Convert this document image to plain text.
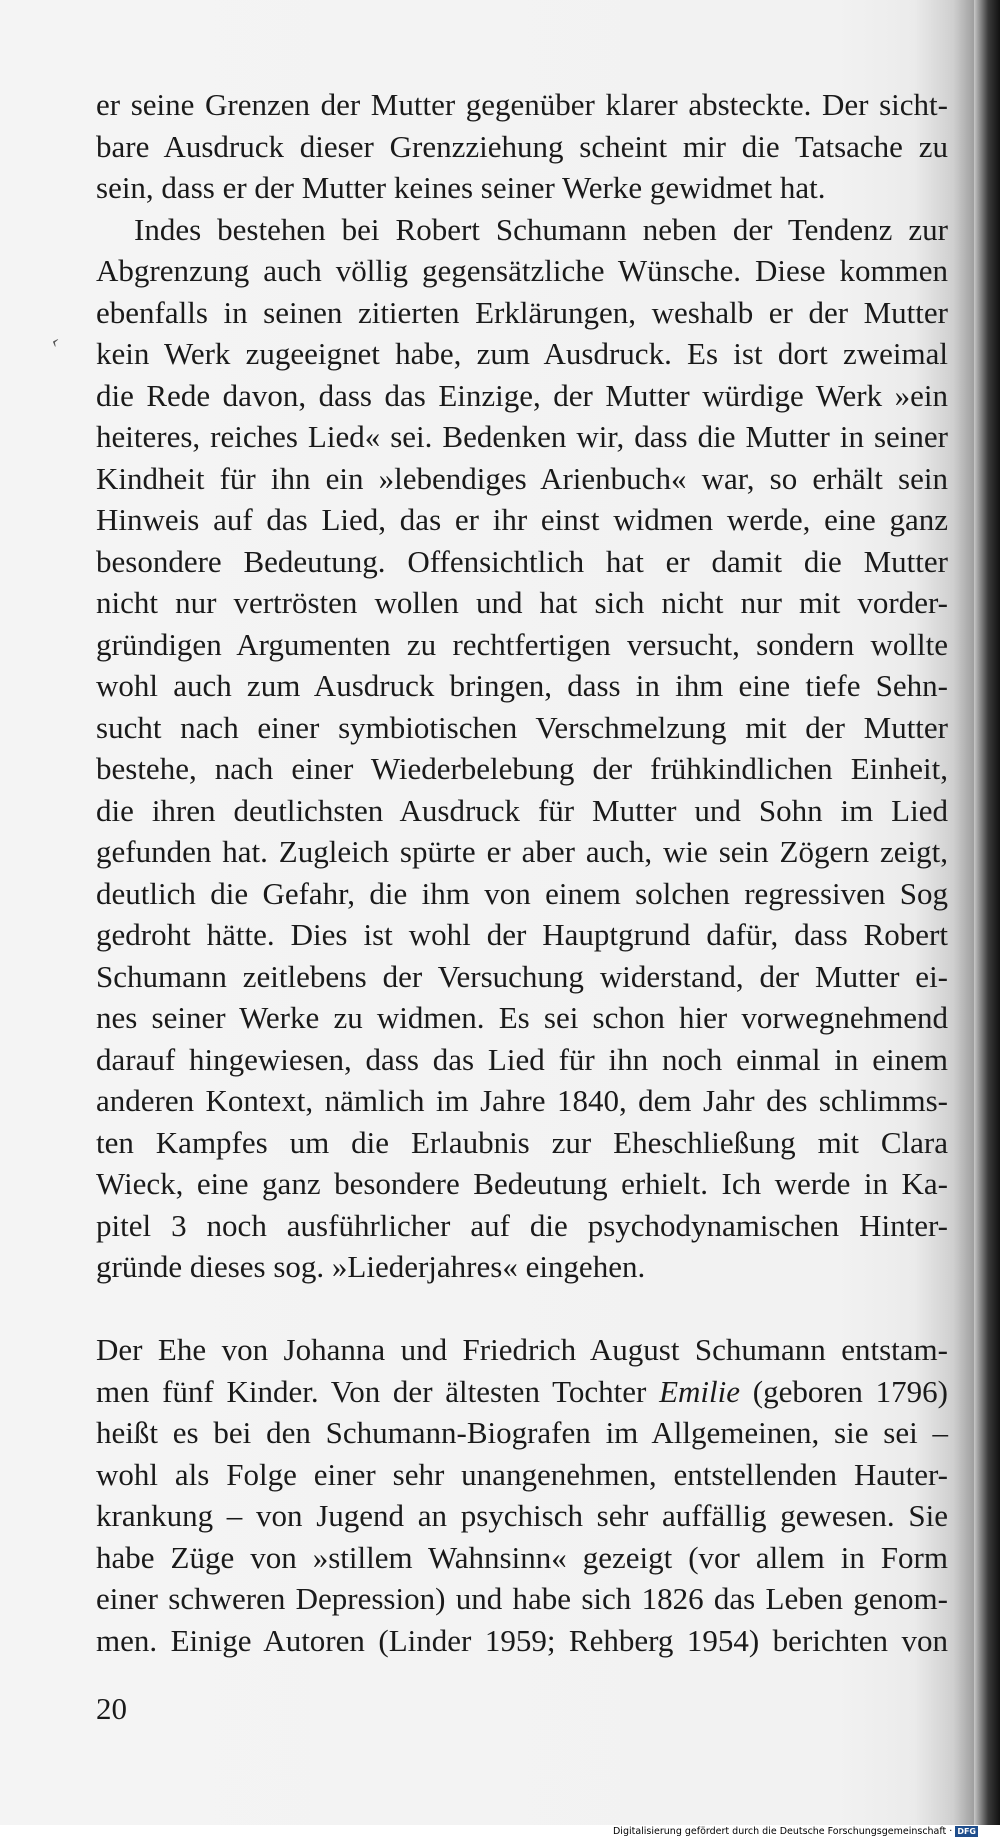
‹
er seine Grenzen der Mutter gegenüber klarer absteckte. Der sicht-
bare Ausdruck dieser Grenzziehung scheint mir die Tatsache zu
sein, dass er der Mutter keines seiner Werke gewidmet hat.
Indes bestehen bei Robert Schumann neben der Tendenz zur
Abgrenzung auch völlig gegensätzliche Wünsche. Diese kommen
ebenfalls in seinen zitierten Erklärungen, weshalb er der Mutter
kein Werk zugeeignet habe, zum Ausdruck. Es ist dort zweimal
die Rede davon, dass das Einzige, der Mutter würdige Werk »ein
heiteres, reiches Lied« sei. Bedenken wir, dass die Mutter in seiner
Kindheit für ihn ein »lebendiges Arienbuch« war, so erhält sein
Hinweis auf das Lied, das er ihr einst widmen werde, eine ganz
besondere Bedeutung. Offensichtlich hat er damit die Mutter
nicht nur vertrösten wollen und hat sich nicht nur mit vorder-
gründigen Argumenten zu rechtfertigen versucht, sondern wollte
wohl auch zum Ausdruck bringen, dass in ihm eine tiefe Sehn-
sucht nach einer symbiotischen Verschmelzung mit der Mutter
bestehe, nach einer Wiederbelebung der frühkindlichen Einheit,
die ihren deutlichsten Ausdruck für Mutter und Sohn im Lied
gefunden hat. Zugleich spürte er aber auch, wie sein Zögern zeigt,
deutlich die Gefahr, die ihm von einem solchen regressiven Sog
gedroht hätte. Dies ist wohl der Hauptgrund dafür, dass Robert
Schumann zeitlebens der Versuchung widerstand, der Mutter ei-
nes seiner Werke zu widmen. Es sei schon hier vorwegnehmend
darauf hingewiesen, dass das Lied für ihn noch einmal in einem
anderen Kontext, nämlich im Jahre 1840, dem Jahr des schlimms-
ten Kampfes um die Erlaubnis zur Eheschließung mit Clara
Wieck, eine ganz besondere Bedeutung erhielt. Ich werde in Ka-
pitel 3 noch ausführlicher auf die psychodynamischen Hinter-
gründe dieses sog. »Liederjahres« eingehen.
Der Ehe von Johanna und Friedrich August Schumann entstam-
men fünf Kinder. Von der ältesten Tochter Emilie (geboren 1796)
heißt es bei den Schumann-Biografen im Allgemeinen, sie sei –
wohl als Folge einer sehr unangenehmen, entstellenden Hauter-
krankung – von Jugend an psychisch sehr auffällig gewesen. Sie
habe Züge von »stillem Wahnsinn« gezeigt (vor allem in Form
einer schweren Depression) und habe sich 1826 das Leben genom-
men. Einige Autoren (Linder 1959; Rehberg 1954) berichten von
20
Digitalisierung gefördert durch die Deutsche Forschungsgemeinschaft · DFG
